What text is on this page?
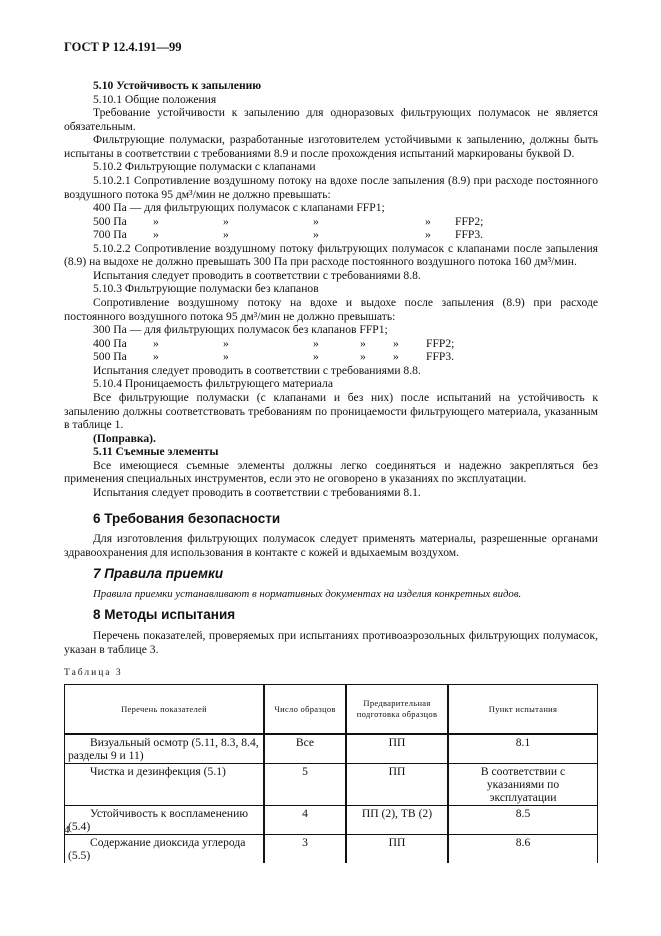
ГОСТ Р 12.4.191—99

5.10 Устойчивость к запылению

5.10.1 Общие положения

Требование устойчивости к запылению для одноразовых фильтрующих полумасок не является обязательным.

Фильтрующие полумаски, разработанные изготовителем устойчивыми к запылению, должны быть испытаны в соответствии с требованиями 8.9 и после прохождения испытаний маркированы буквой D.

5.10.2 Фильтрующие полумаски с клапанами

5.10.2.1 Сопротивление воздушному потоку на вдохе после запыления (8.9) при расходе постоянного воздушного потока 95 дм³/мин не должно превышать:

400 Па — для фильтрующих полумасок с клапанами FFP1;
500 Па	»	»	»	»	FFP2;
700 Па	»	»	»	»	FFP3.

5.10.2.2 Сопротивление воздушному потоку фильтрующих полумасок с клапанами после запыления (8.9) на выдохе не должно превышать 300 Па при расходе постоянного воздушного потока 160 дм³/мин.

Испытания следует проводить в соответствии с требованиями 8.8.

5.10.3 Фильтрующие полумаски без клапанов

Сопротивление воздушному потоку на вдохе и выдохе после запыления (8.9) при расходе постоянного воздушного потока 95 дм³/мин не должно превышать:

300 Па — для фильтрующих полумасок без клапанов FFP1;
400 Па	»	»	»	»	»	FFP2;
500 Па	»	»	»	»	»	FFP3.

Испытания следует проводить в соответствии с требованиями 8.8.

5.10.4 Проницаемость фильтрующего материала

Все фильтрующие полумаски (с клапанами и без них) после испытаний на устойчивость к запылению должны соответствовать требованиям по проницаемости фильтрующего материала, указанным в таблице 1.

(Поправка).

5.11 Съемные элементы

Все имеющиеся съемные элементы должны легко соединяться и надежно закрепляться без применения специальных инструментов, если это не оговорено в указаниях по эксплуатации.

Испытания следует проводить в соответствии с требованиями 8.1.

6 Требования безопасности

Для изготовления фильтрующих полумасок следует применять материалы, разрешенные органами здравоохранения для использования в контакте с кожей и вдыхаемым воздухом.

7 Правила приемки

Правила приемки устанавливают в нормативных документах на изделия конкретных видов.

8 Методы испытания

Перечень показателей, проверяемых при испытаниях противоаэрозольных фильтрующих полумасок, указан в таблице 3.

Таблица 3
Перечень показателей	Число образцов	Предварительная подготовка образцов	Пункт испытания
Визуальный осмотр (5.11, 8.3, 8.4, разделы 9 и 11)	Все	ПП	8.1
Чистка и дезинфекция (5.1)	5	ПП	В соответствии с указаниями по эксплуатации
Устойчивость к воспламенению (5.4)	4	ПП (2), ТВ (2)	8.5
Содержание диоксида углерода (5.5)	3	ПП	8.6
4
